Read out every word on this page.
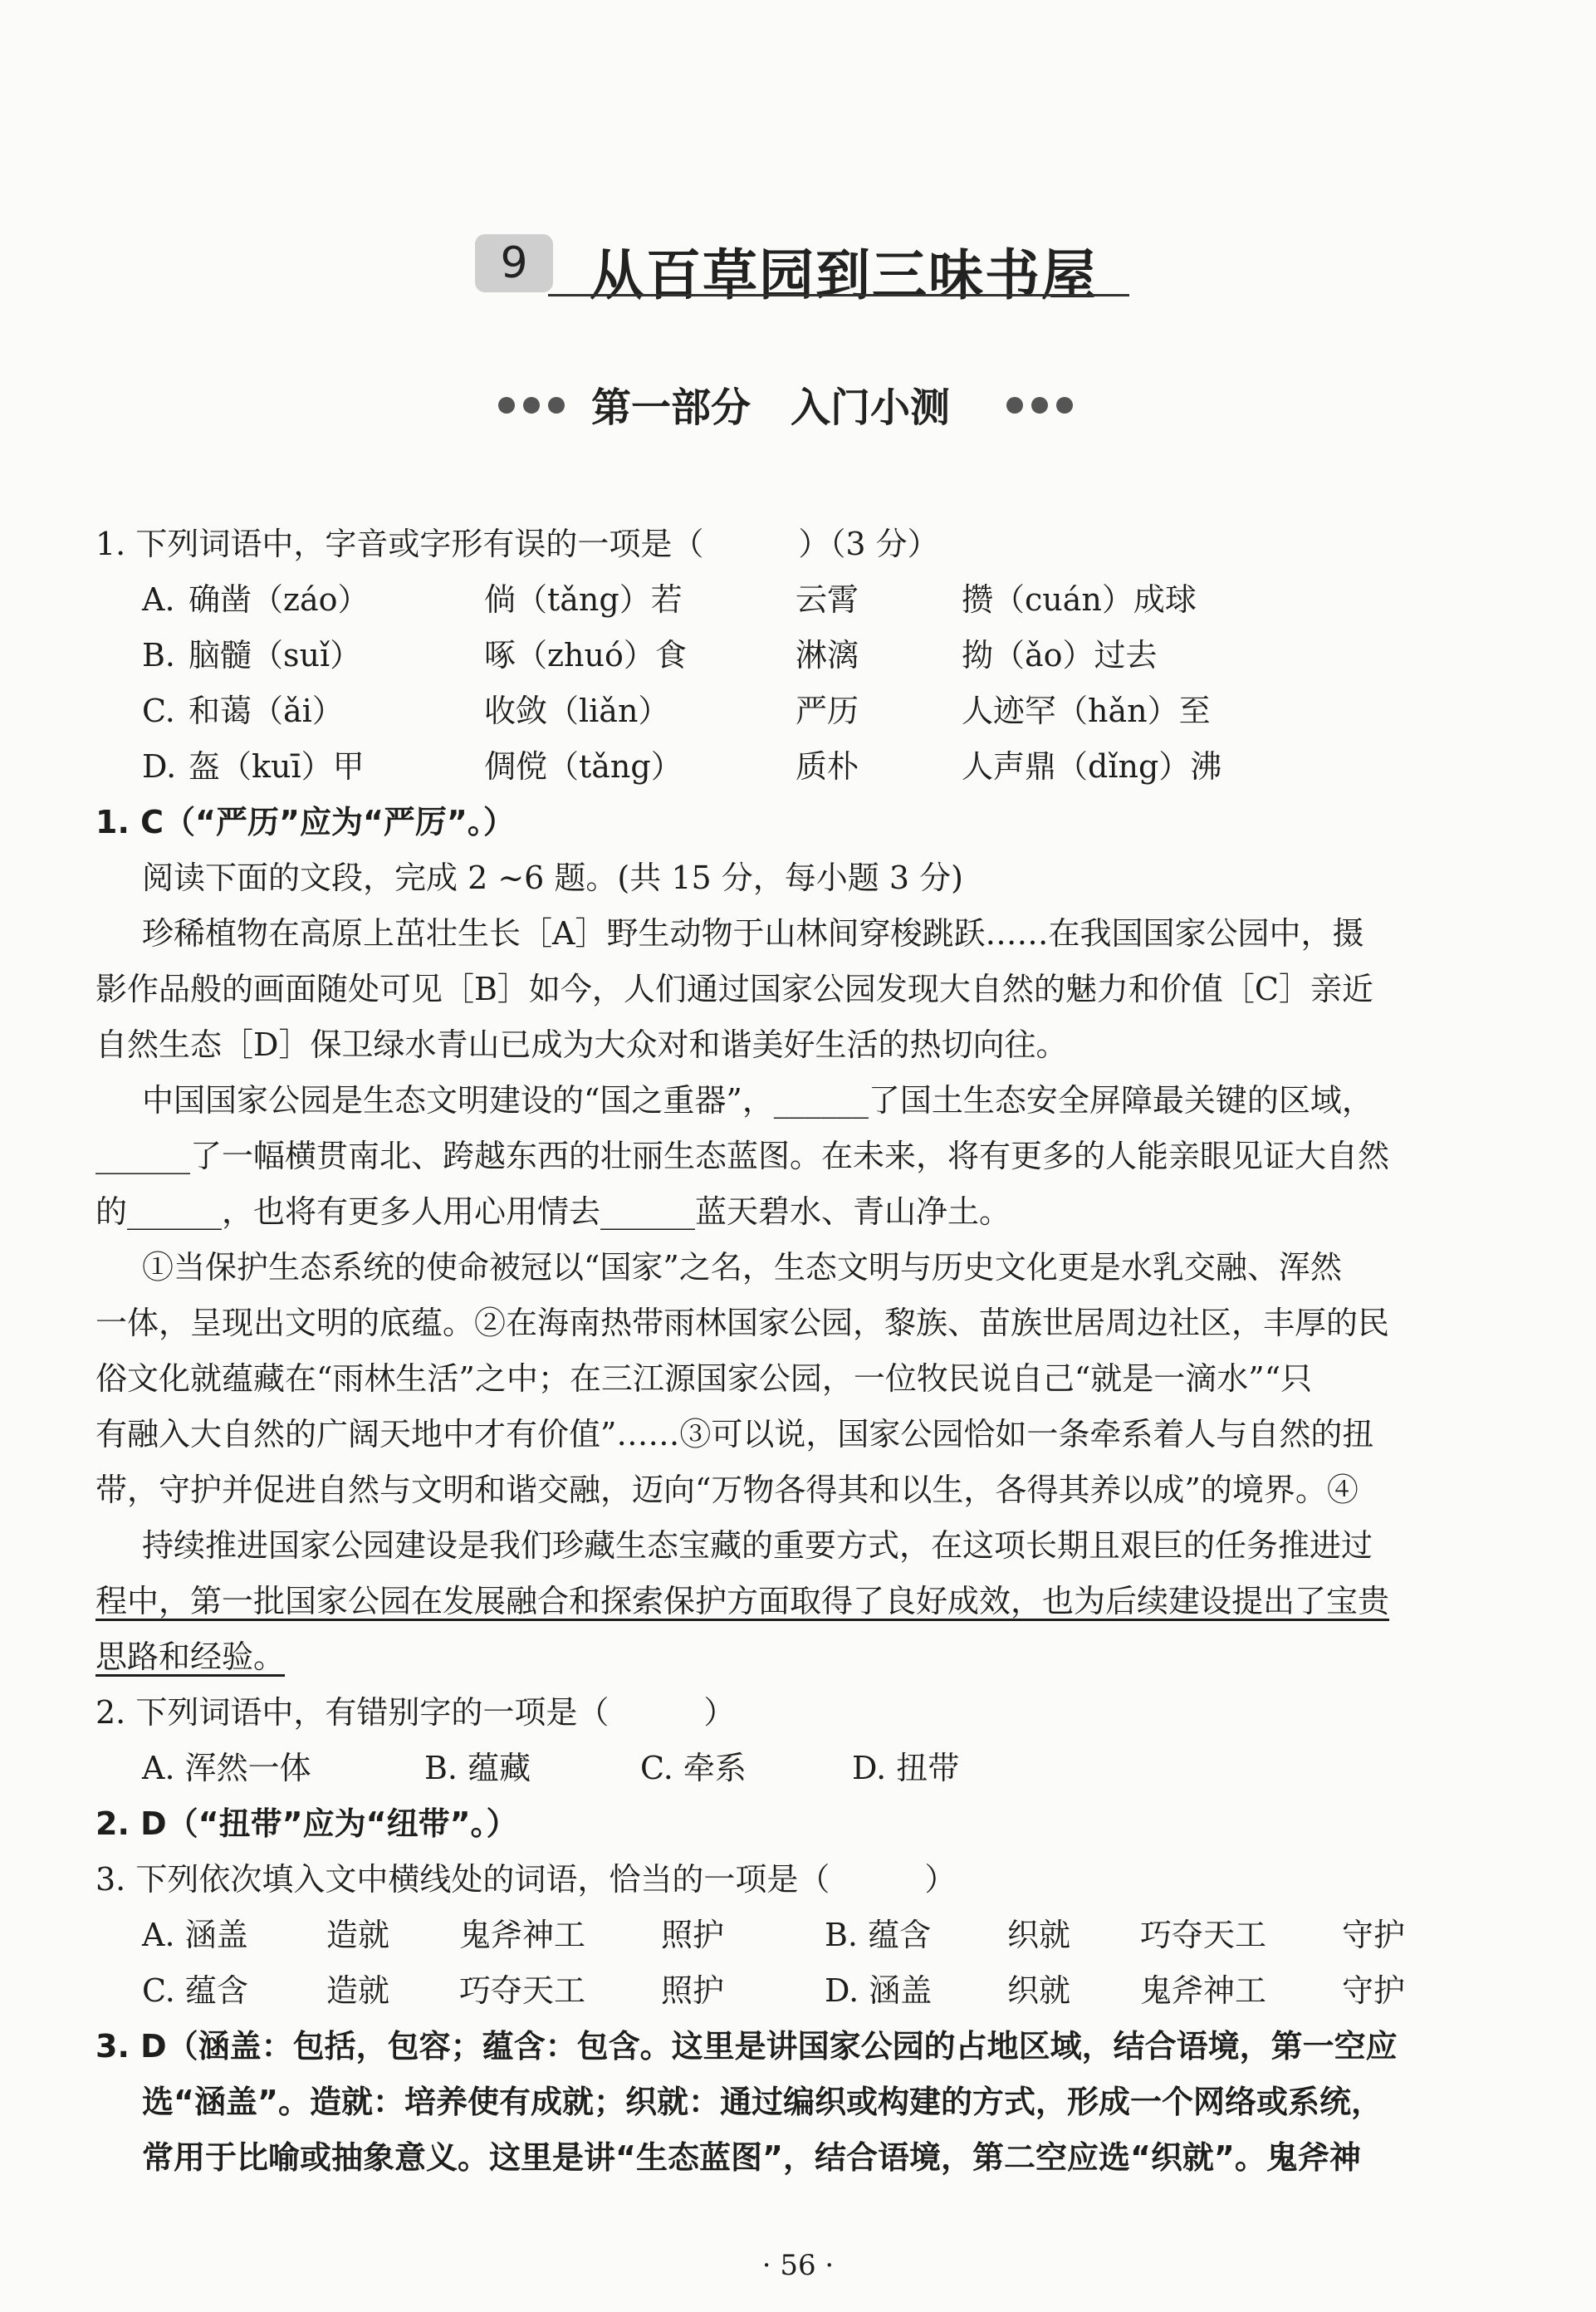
9	从百草园到三味书屋
第一部分　入门小测
1. 下列词语中，字音或字形有误的一项是（　　　）（3 分）
A. 确凿（záo）	倘（tǎng）若	云霄	攒（cuán）成球
B. 脑髓（suǐ）	啄（zhuó）食	淋漓	拗（ǎo）过去
C. 和蔼（ǎi）	收敛（liǎn）	严历	人迹罕（hǎn）至
D. 盔（kuī）甲	倜傥（tǎng）	质朴	人声鼎（dǐng）沸
1. C（“严历”应为“严厉”。）
阅读下面的文段，完成 2 ~6 题。(共 15 分，每小题 3 分)
珍稀植物在高原上茁壮生长［A］野生动物于山林间穿梭跳跃……在我国国家公园中，摄
影作品般的画面随处可见［B］如今，人们通过国家公园发现大自然的魅力和价值［C］亲近
自然生态［D］保卫绿水青山已成为大众对和谐美好生活的热切向往。
中国国家公园是生态文明建设的“国之重器”，______了国土生态安全屏障最关键的区域，
______了一幅横贯南北、跨越东西的壮丽生态蓝图。在未来，将有更多的人能亲眼见证大自然
的______，也将有更多人用心用情去______蓝天碧水、青山净土。
①当保护生态系统的使命被冠以“国家”之名，生态文明与历史文化更是水乳交融、浑然
一体，呈现出文明的底蕴。②在海南热带雨林国家公园，黎族、苗族世居周边社区，丰厚的民
俗文化就蕴藏在“雨林生活”之中；在三江源国家公园，一位牧民说自己“就是一滴水”“只
有融入大自然的广阔天地中才有价值”……③可以说，国家公园恰如一条牵系着人与自然的扭
带，守护并促进自然与文明和谐交融，迈向“万物各得其和以生，各得其养以成”的境界。④
持续推进国家公园建设是我们珍藏生态宝藏的重要方式，在这项长期且艰巨的任务推进过
程中，第一批国家公园在发展融合和探索保护方面取得了良好成效，也为后续建设提出了宝贵
思路和经验。
2. 下列词语中，有错别字的一项是（　　　）
A. 浑然一体	B. 蕴藏	C. 牵系	D. 扭带
2. D（“扭带”应为“纽带”。）
3. 下列依次填入文中横线处的词语，恰当的一项是（　　　）
A. 涵盖 造就 鬼斧神工 照护	B. 蕴含 织就 巧夺天工 守护
C. 蕴含 造就 巧夺天工 照护	D. 涵盖 织就 鬼斧神工 守护
3. D（涵盖：包括，包容；蕴含：包含。这里是讲国家公园的占地区域，结合语境，第一空应
选“涵盖”。造就：培养使有成就；织就：通过编织或构建的方式，形成一个网络或系统，
常用于比喻或抽象意义。这里是讲“生态蓝图”，结合语境，第二空应选“织就”。鬼斧神
· 56 ·
